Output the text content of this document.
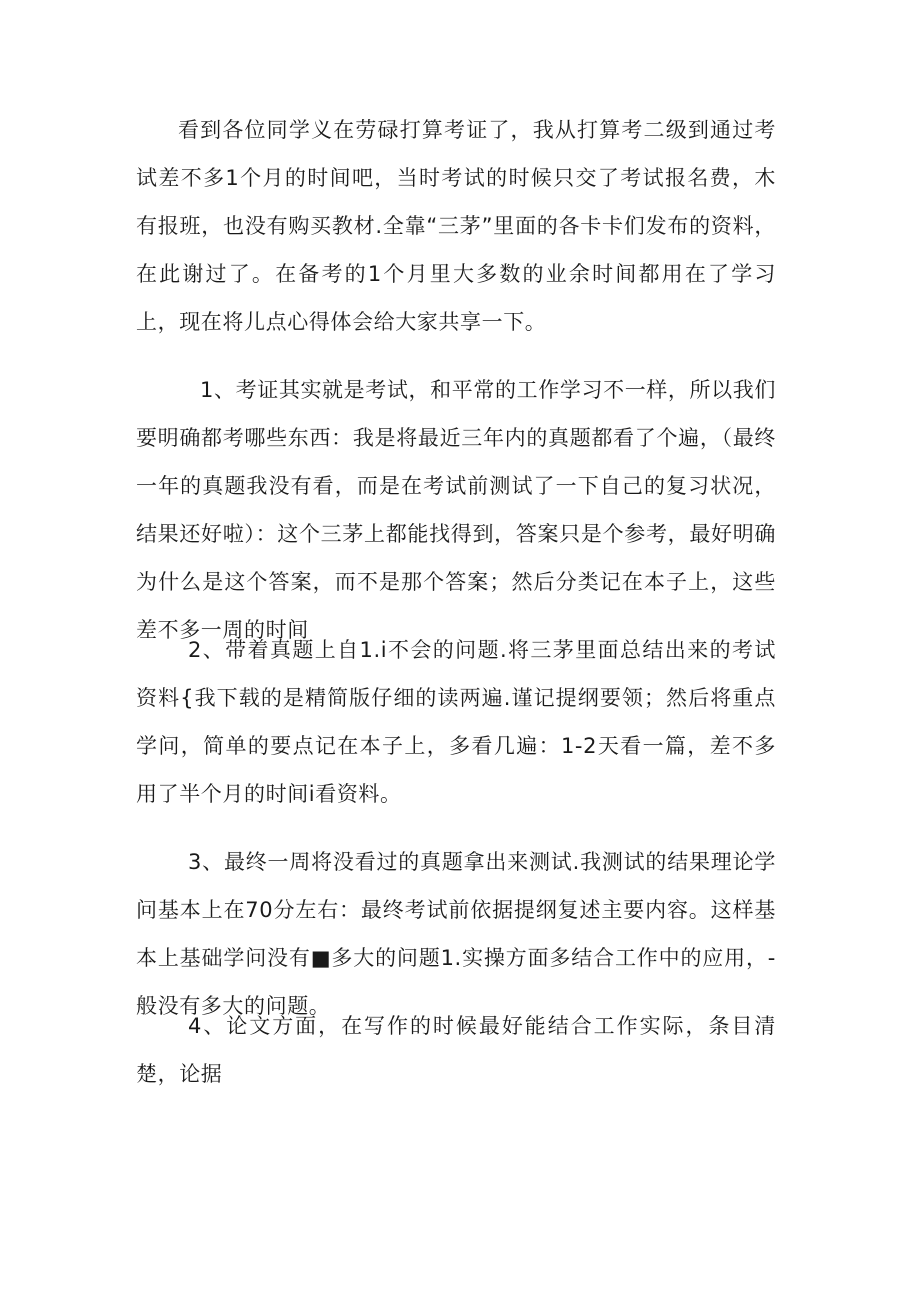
看到各位同学义在劳碌打算考证了，我从打算考二级到通过考试差不多1个月的时间吧，当时考试的时候只交了考试报名费，木有报班，也没有购买教材.全靠“三茅”里面的各卡卡们发布的资料，在此谢过了。在备考的1个月里大多数的业余时间都用在了学习上，现在将儿点心得体会给大家共享一下。

1、考证其实就是考试，和平常的工作学习不一样，所以我们要明确都考哪些东西：我是将最近三年内的真题都看了个遍，（最终一年的真题我没有看，而是在考试前测试了一下自己的复习状况，结果还好啦）：这个三茅上都能找得到，答案只是个参考，最好明确为什么是这个答案，而不是那个答案；然后分类记在本子上，这些差不多一周的时间

2、带着真题上自1.i不会的问题.将三茅里面总结出来的考试资料{我下载的是精简版仔细的读两遍.谨记提纲要领；然后将重点学问，简单的要点记在本子上，多看几遍：1-2天看一篇，差不多用了半个月的时间i看资料。

3、最终一周将没看过的真题拿出来测试.我测试的结果理论学问基本上在70分左右：最终考试前依据提纲复述主要内容。这样基本上基础学问没有■多大的问题1.实操方面多结合工作中的应用，-般没有多大的问题。

4、论文方面，在写作的时候最好能结合工作实际，条目清楚，论据
